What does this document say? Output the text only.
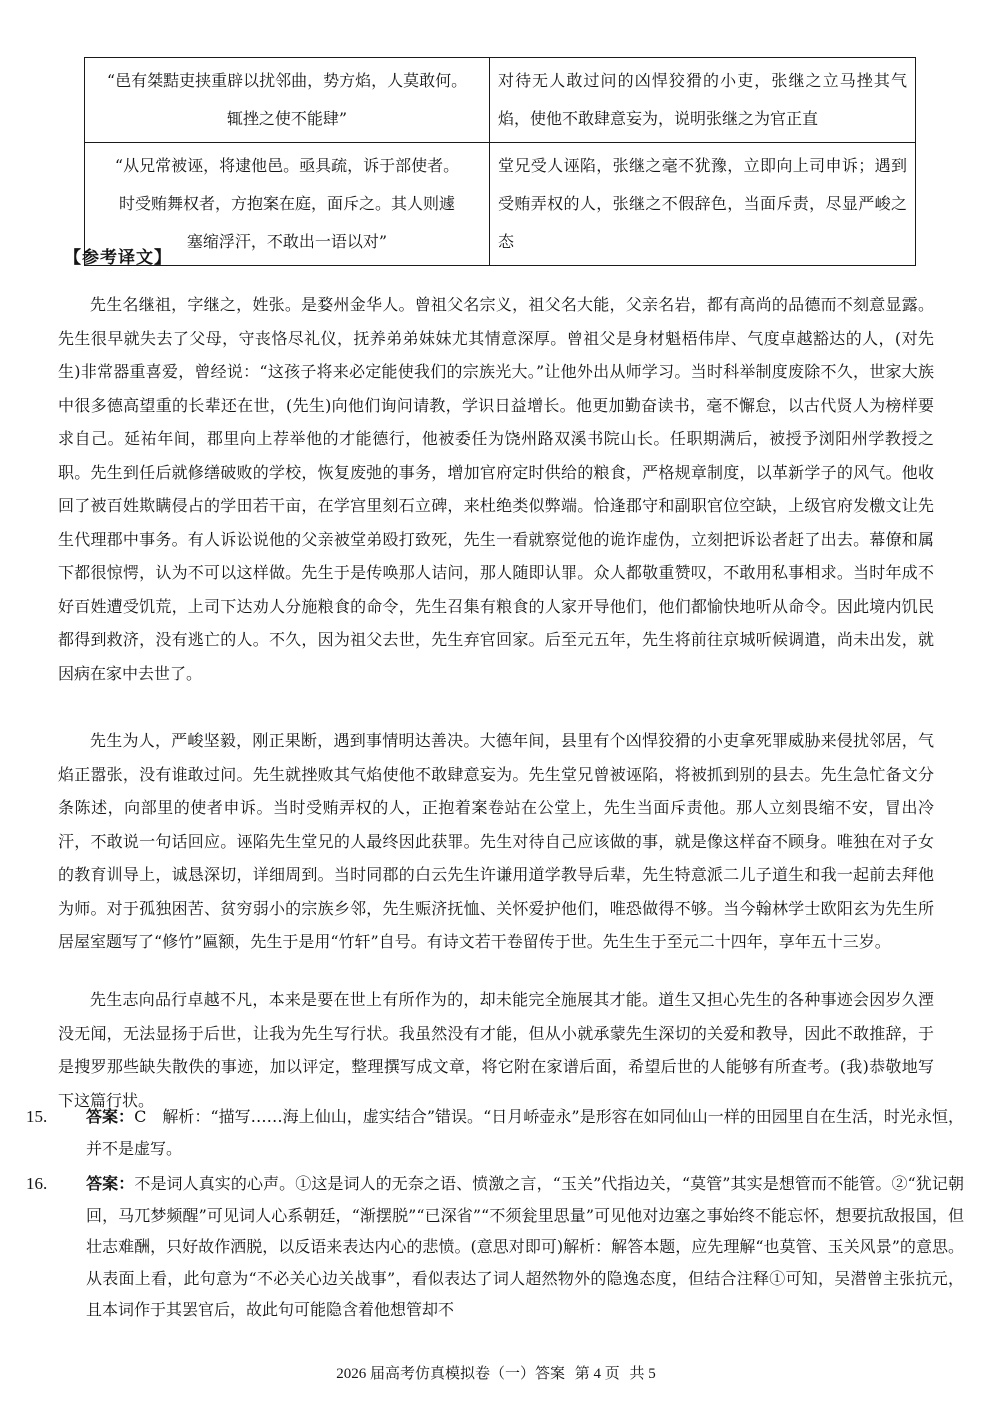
“邑有桀黠吏挟重辟以扰邻曲，势方焰，人莫敢何。
辄挫之使不能肆”	对待无人敢过问的凶悍狡猾的小吏，张继之立马挫其气焰，使他不敢肆意妄为，说明张继之为官正直

“从兄常被诬，将逮他邑。亟具疏，诉于部使者。
时受贿舞权者，方抱案在庭，面斥之。其人则遽
塞缩浮汗，不敢出一语以对”	堂兄受人诬陷，张继之毫不犹豫，立即向上司申诉；遇到受贿弄权的人，张继之不假辞色，当面斥责，尽显严峻之态
【参考译文】

先生名继祖，字继之，姓张。是婺州金华人。曾祖父名宗义，祖父名大能，父亲名岩，都有高尚的品德而不刻意显露。先生很早就失去了父母，守丧恪尽礼仪，抚养弟弟妹妹尤其情意深厚。曾祖父是身材魁梧伟岸、气度卓越豁达的人，(对先生)非常器重喜爱，曾经说：“这孩子将来必定能使我们的宗族光大。”让他外出从师学习。当时科举制度废除不久，世家大族中很多德高望重的长辈还在世，(先生)向他们询问请教，学识日益增长。他更加勤奋读书，毫不懈怠，以古代贤人为榜样要求自己。延祐年间，郡里向上荐举他的才能德行，他被委任为饶州路双溪书院山长。任职期满后，被授予浏阳州学教授之职。先生到任后就修缮破败的学校，恢复废弛的事务，增加官府定时供给的粮食，严格规章制度，以革新学子的风气。他收回了被百姓欺瞒侵占的学田若干亩，在学宫里刻石立碑，来杜绝类似弊端。恰逢郡守和副职官位空缺，上级官府发檄文让先生代理郡中事务。有人诉讼说他的父亲被堂弟殴打致死，先生一看就察觉他的诡诈虚伪，立刻把诉讼者赶了出去。幕僚和属下都很惊愕，认为不可以这样做。先生于是传唤那人诘问，那人随即认罪。众人都敬重赞叹，不敢用私事相求。当时年成不好百姓遭受饥荒，上司下达劝人分施粮食的命令，先生召集有粮食的人家开导他们，他们都愉快地听从命令。因此境内饥民都得到救济，没有逃亡的人。不久，因为祖父去世，先生弃官回家。后至元五年，先生将前往京城听候调遣，尚未出发，就因病在家中去世了。

先生为人，严峻坚毅，刚正果断，遇到事情明达善决。大德年间，县里有个凶悍狡猾的小吏拿死罪威胁来侵扰邻居，气焰正嚣张，没有谁敢过问。先生就挫败其气焰使他不敢肆意妄为。先生堂兄曾被诬陷，将被抓到别的县去。先生急忙备文分条陈述，向部里的使者申诉。当时受贿弄权的人，正抱着案卷站在公堂上，先生当面斥责他。那人立刻畏缩不安，冒出冷汗，不敢说一句话回应。诬陷先生堂兄的人最终因此获罪。先生对待自己应该做的事，就是像这样奋不顾身。唯独在对子女的教育训导上，诚恳深切，详细周到。当时同郡的白云先生许谦用道学教导后辈，先生特意派二儿子道生和我一起前去拜他为师。对于孤独困苦、贫穷弱小的宗族乡邻，先生赈济抚恤、关怀爱护他们，唯恐做得不够。当今翰林学士欧阳玄为先生所居屋室题写了“修竹”匾额，先生于是用“竹轩”自号。有诗文若干卷留传于世。先生生于至元二十四年，享年五十三岁。

先生志向品行卓越不凡，本来是要在世上有所作为的，却未能完全施展其才能。道生又担心先生的各种事迹会因岁久湮没无闻，无法显扬于后世，让我为先生写行状。我虽然没有才能，但从小就承蒙先生深切的关爱和教导，因此不敢推辞，于是搜罗那些缺失散佚的事迹，加以评定，整理撰写成文章，将它附在家谱后面，希望后世的人能够有所查考。(我)恭敬地写下这篇行状。

15. 答案：C　解析：“描写……海上仙山，虚实结合”错误。“日月峤壶永”是形容在如同仙山一样的田园里自在生活，时光永恒，并不是虚写。
16. 答案：不是词人真实的心声。①这是词人的无奈之语、愤激之言，“玉关”代指边关，“莫管”其实是想管而不能管。②“犹记朝回，马兀梦频醒”可见词人心系朝廷，“渐摆脱”“已深省”“不须瓮里思量”可见他对边塞之事始终不能忘怀，想要抗敌报国，但壮志难酬，只好故作洒脱，以反语来表达内心的悲愤。(意思对即可)解析：解答本题，应先理解“也莫管、玉关风景”的意思。从表面上看，此句意为“不必关心边关战事”，看似表达了词人超然物外的隐逸态度，但结合注释①可知，吴潜曾主张抗元，且本词作于其罢官后，故此句可能隐含着他想管却不
2026 届高考仿真模拟卷（一）答案 第 4 页 共 5
